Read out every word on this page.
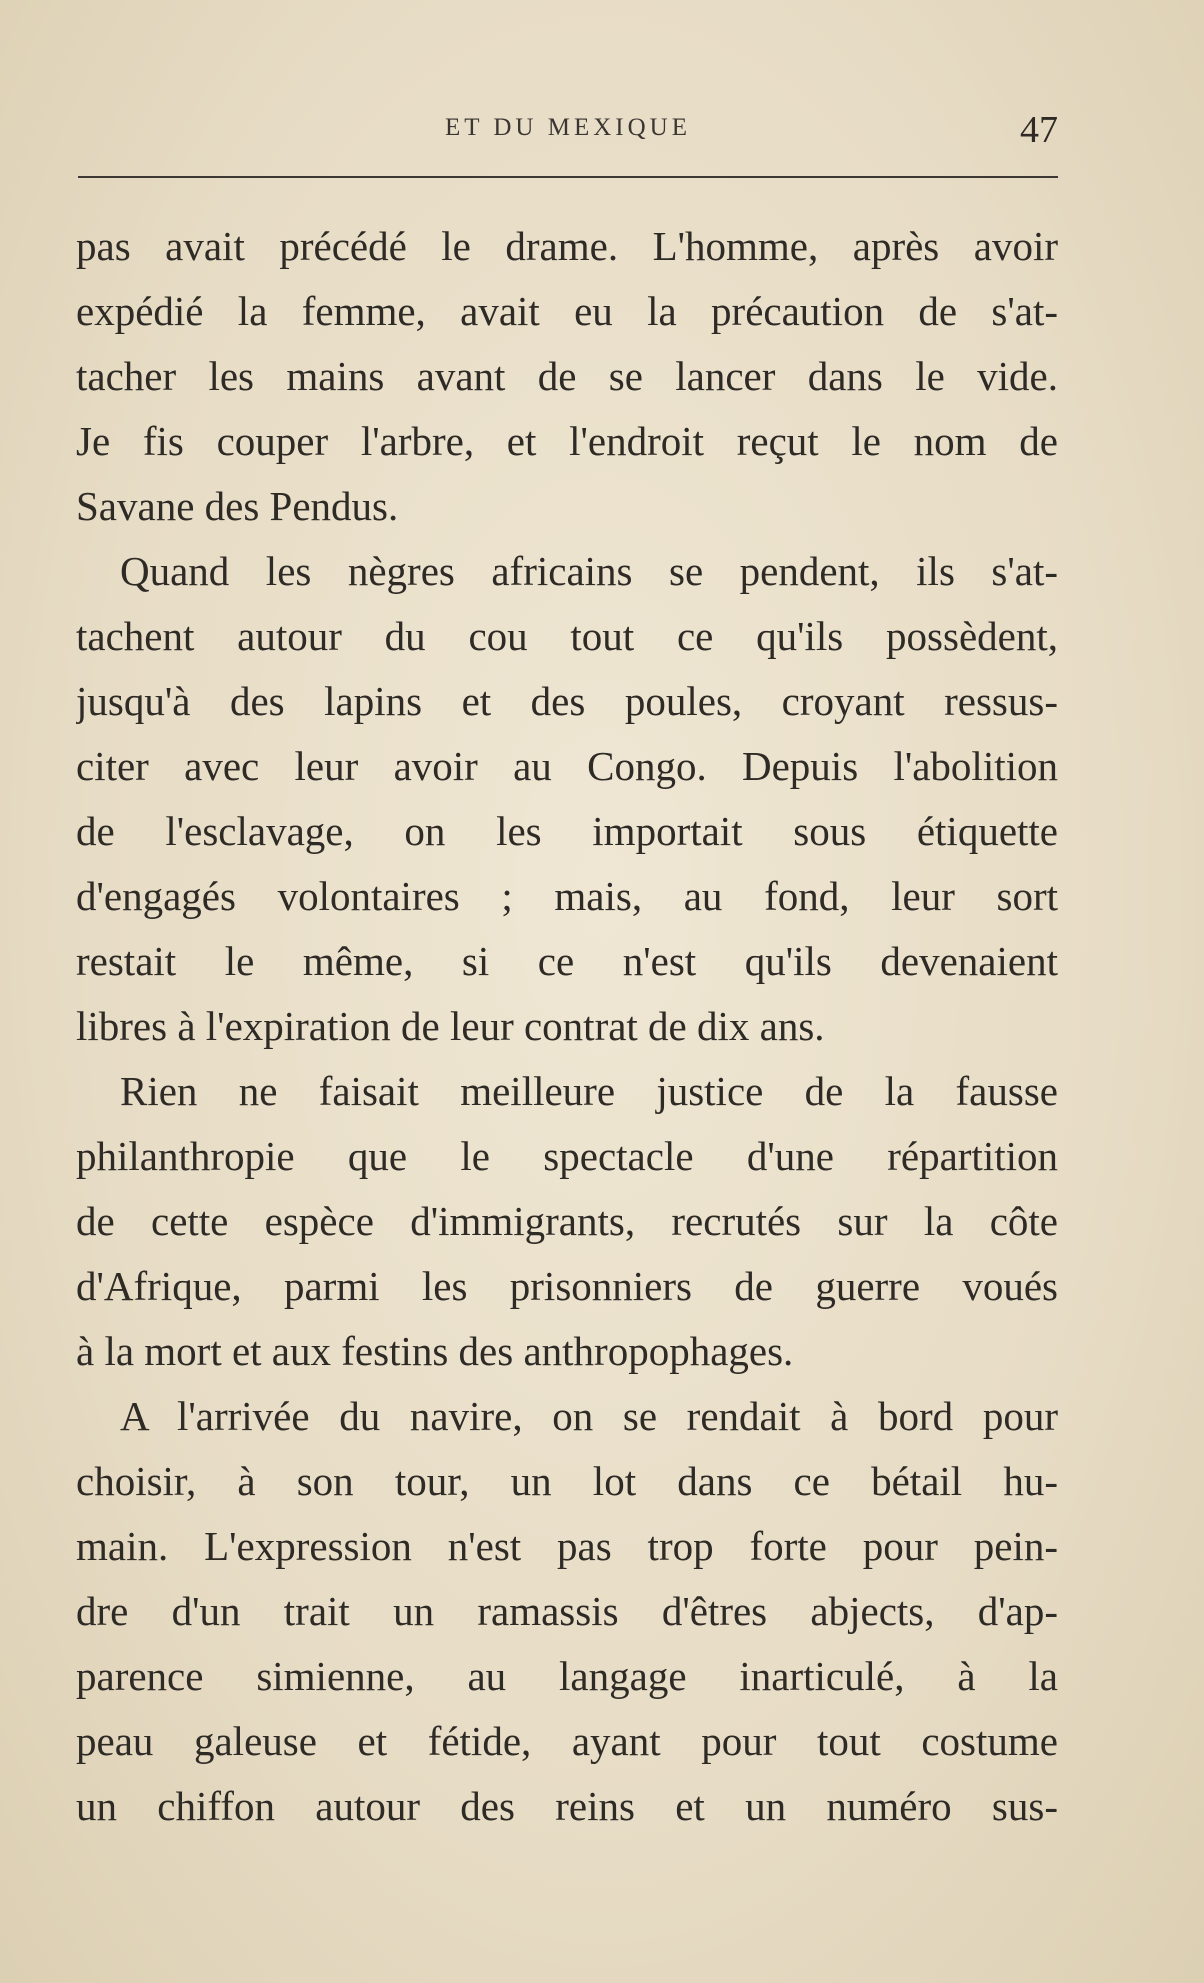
ET DU MEXIQUE	47

pas avait précédé le drame. L'homme, après avoir
expédié la femme, avait eu la précaution de s'at-
tacher les mains avant de se lancer dans le vide.
Je fis couper l'arbre, et l'endroit reçut le nom de
Savane des Pendus.

Quand les nègres africains se pendent, ils s'at-
tachent autour du cou tout ce qu'ils possèdent,
jusqu'à des lapins et des poules, croyant ressus-
citer avec leur avoir au Congo. Depuis l'abolition
de l'esclavage, on les importait sous étiquette
d'engagés volontaires ; mais, au fond, leur sort
restait le même, si ce n'est qu'ils devenaient
libres à l'expiration de leur contrat de dix ans.

Rien ne faisait meilleure justice de la fausse
philanthropie que le spectacle d'une répartition
de cette espèce d'immigrants, recrutés sur la côte
d'Afrique, parmi les prisonniers de guerre voués
à la mort et aux festins des anthropophages.

A l'arrivée du navire, on se rendait à bord pour
choisir, à son tour, un lot dans ce bétail hu-
main. L'expression n'est pas trop forte pour pein-
dre d'un trait un ramassis d'êtres abjects, d'ap-
parence simienne, au langage inarticulé, à la
peau galeuse et fétide, ayant pour tout costume
un chiffon autour des reins et un numéro sus-
